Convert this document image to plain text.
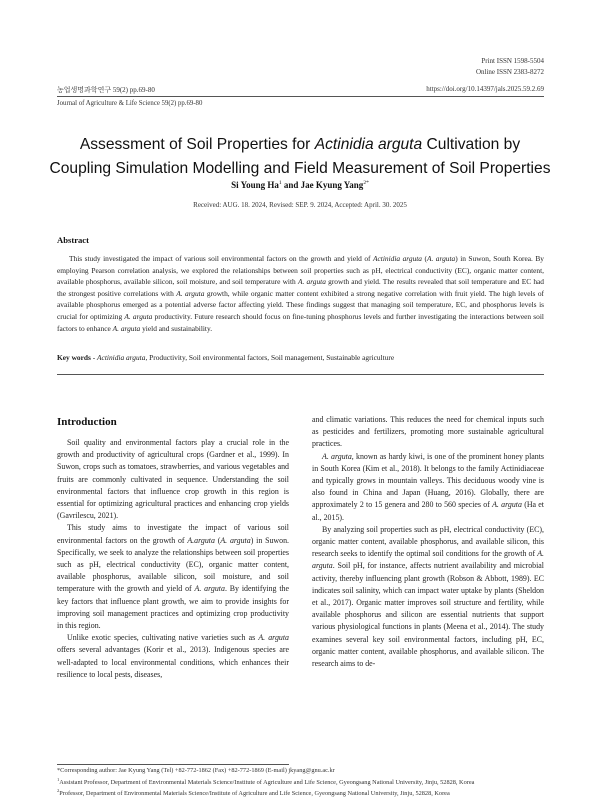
Print ISSN 1598-5504
Online ISSN 2383-8272
농업생명과학연구 59(2) pp.69-80	https://doi.org/10.14397/jals.2025.59.2.69
Journal of Agriculture & Life Science 59(2) pp.69-80
Assessment of Soil Properties for Actinidia arguta Cultivation by
Coupling Simulation Modelling and Field Measurement of Soil Properties
Si Young Ha$^1$ and Jae Kyung Yang$^{2*}$
Received: AUG. 18. 2024, Revised: SEP. 9. 2024, Accepted: April. 30. 2025
Abstract
This study investigated the impact of various soil environmental factors on the growth and yield of Actinidia arguta (A. arguta) in Suwon, South Korea. By employing Pearson correlation analysis, we explored the relationships between soil properties such as pH, electrical conductivity (EC), organic matter content, available phosphorus, available silicon, soil moisture, and soil temperature with A. arguta growth and yield. The results revealed that soil temperature and EC had the strongest positive correlations with A. arguta growth, while organic matter content exhibited a strong negative correlation with fruit yield. The high levels of available phosphorus emerged as a potential adverse factor affecting yield. These findings suggest that managing soil temperature, EC, and phosphorus levels is crucial for optimizing A. arguta productivity. Future research should focus on fine-tuning phosphorus levels and further investigating the interactions between soil factors to enhance A. arguta yield and sustainability.
Key words - Actinidia arguta, Productivity, Soil environmental factors, Soil management, Sustainable agriculture
Introduction

Soil quality and environmental factors play a crucial role in the growth and productivity of agricultural crops (Gardner et al., 1999). In Suwon, crops such as tomatoes, strawberries, and various vegetables and fruits are commonly cultivated in sequence. Understanding the soil environmental factors that influence crop growth in this region is essential for optimizing agricultural practices and enhancing crop yields (Gavrilescu, 2021).

This study aims to investigate the impact of various soil environmental factors on the growth of A.arguta (A. arguta) in Suwon. Specifically, we seek to analyze the relationships between soil properties such as pH, electrical conductivity (EC), organic matter content, available phosphorus, available silicon, soil moisture, and soil temperature with the growth and yield of A. arguta. By identifying the key factors that influence plant growth, we aim to provide insights for improving soil management practices and optimizing crop productivity in this region.

Unlike exotic species, cultivating native varieties such as A. arguta offers several advantages (Korir et al., 2013). Indigenous species are well-adapted to local environmental conditions, which enhances their resilience to local pests, diseases,

and climatic variations. This reduces the need for chemical inputs such as pesticides and fertilizers, promoting more sustainable agricultural practices.

A. arguta, known as hardy kiwi, is one of the prominent honey plants in South Korea (Kim et al., 2018). It belongs to the family Actinidiaceae and typically grows in mountain valleys. This deciduous woody vine is also found in China and Japan (Huang, 2016). Globally, there are approximately 2 to 15 genera and 280 to 560 species of A. arguta (Ha et al., 2015).

By analyzing soil properties such as pH, electrical conductivity (EC), organic matter content, available phosphorus, and available silicon, this research seeks to identify the optimal soil conditions for the growth of A. arguta. Soil pH, for instance, affects nutrient availability and microbial activity, thereby influencing plant growth (Robson & Abbott, 1989). EC indicates soil salinity, which can impact water uptake by plants (Sheldon et al., 2017). Organic matter improves soil structure and fertility, while available phosphorus and silicon are essential nutrients that support various physiological functions in plants (Meena et al., 2014). The study examines several key soil environmental factors, including pH, EC, organic matter content, available phosphorus, and available silicon. The research aims to de-

*Corresponding author: Jae Kyung Yang (Tel) +82-772-1862 (Fax) +82-772-1869 (E-mail) jkyang@gnu.ac.kr
$^1$Assistant Professor, Department of Environmental Materials Science/Institute of Agriculture and Life Science, Gyeongsang National University, Jinju, 52828, Korea
$^2$Professor, Department of Environmental Materials Science/Institute of Agriculture and Life Science, Gyeongsang National University, Jinju, 52828, Korea
